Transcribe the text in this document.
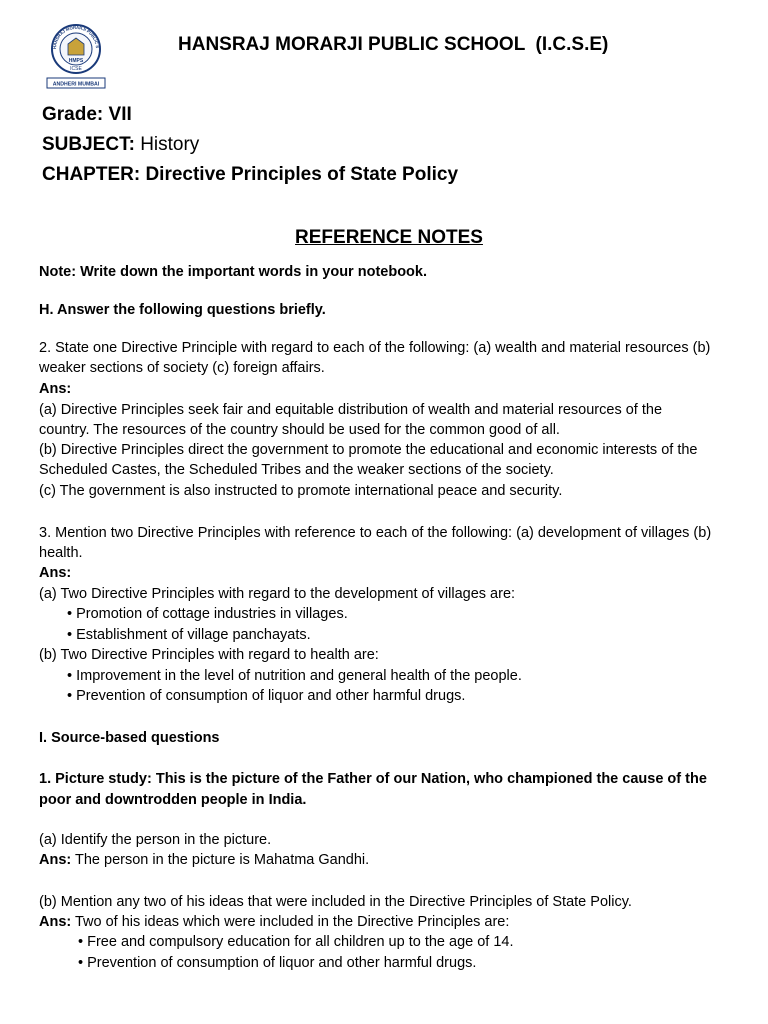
HMPS
ICSE
HANSRAJ MORARJI PUBLIC S
ANDHERI MUMBAI
HANSRAJ MORARJI PUBLIC SCHOOL  (I.C.S.E)
Grade: VII
SUBJECT: History
CHAPTER: Directive Principles of State Policy
REFERENCE NOTES
Note: Write down the important words in your notebook.
H. Answer the following questions briefly.
2. State one Directive Principle with regard to each of the following: (a) wealth and material resources (b)
weaker sections of society (c) foreign affairs.
Ans:
(a) Directive Principles seek fair and equitable distribution of wealth and material resources of the
country. The resources of the country should be used for the common good of all.
(b) Directive Principles direct the government to promote the educational and economic interests of the
Scheduled Castes, the Scheduled Tribes and the weaker sections of the society.
(c) The government is also instructed to promote international peace and security.
3. Mention two Directive Principles with reference to each of the following: (a) development of villages (b)
health.
Ans:
(a) Two Directive Principles with regard to the development of villages are:
• Promotion of cottage industries in villages.
• Establishment of village panchayats.
(b) Two Directive Principles with regard to health are:
• Improvement in the level of nutrition and general health of the people.
• Prevention of consumption of liquor and other harmful drugs.
I. Source-based questions
1. Picture study: This is the picture of the Father of our Nation, who championed the cause of the
poor and downtrodden people in India.
(a) Identify the person in the picture.
Ans: The person in the picture is Mahatma Gandhi.
(b) Mention any two of his ideas that were included in the Directive Principles of State Policy.
Ans: Two of his ideas which were included in the Directive Principles are:
• Free and compulsory education for all children up to the age of 14.
• Prevention of consumption of liquor and other harmful drugs.
